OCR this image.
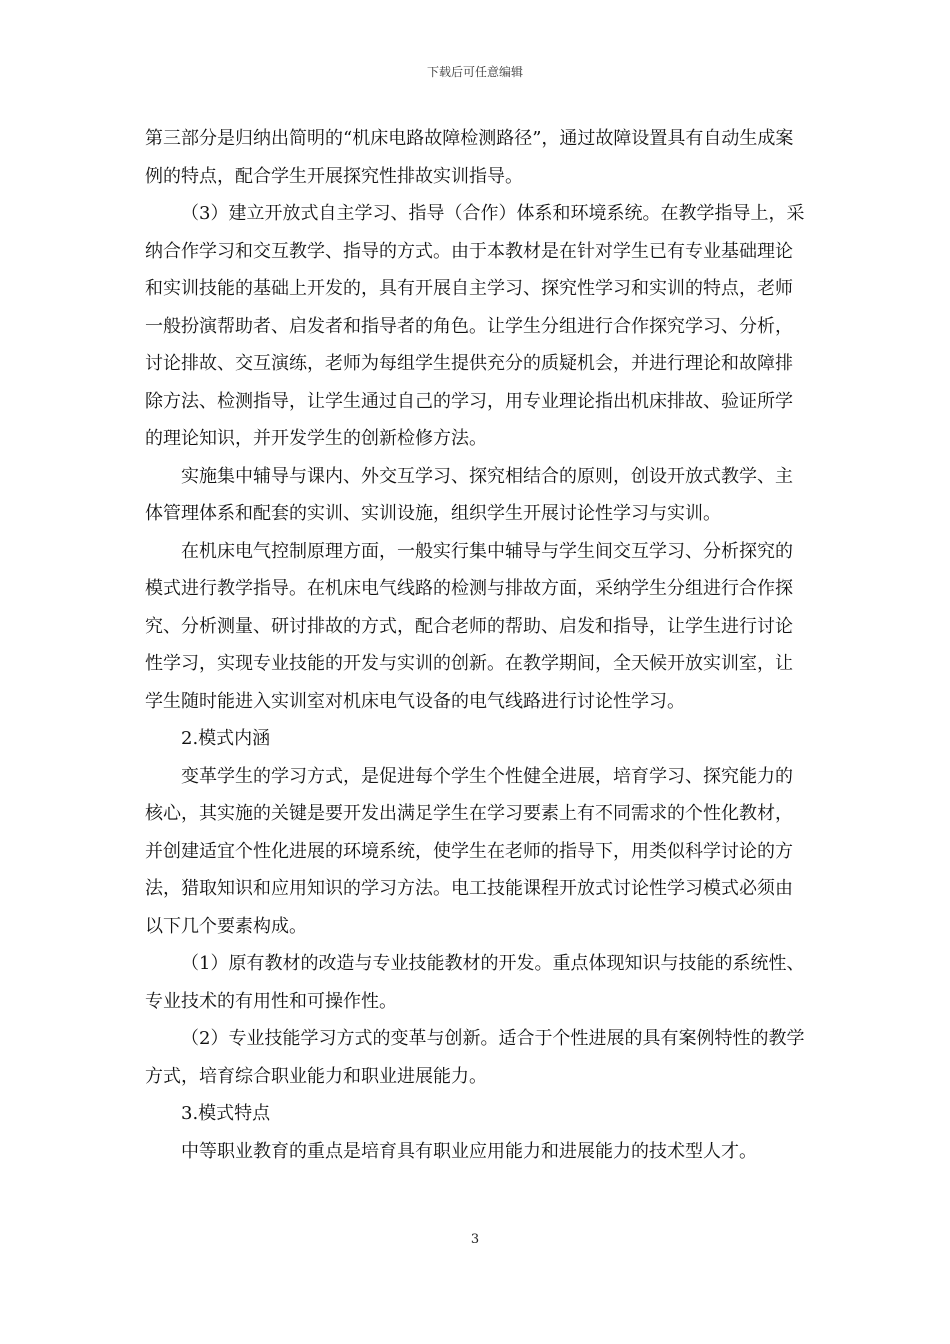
下载后可任意编辑

第三部分是归纳出简明的“机床电路故障检测路径”，通过故障设置具有自动生成案例的特点，配合学生开展探究性排故实训指导。

（3）建立开放式自主学习、指导（合作）体系和环境系统。在教学指导上，采纳合作学习和交互教学、指导的方式。由于本教材是在针对学生已有专业基础理论和实训技能的基础上开发的，具有开展自主学习、探究性学习和实训的特点，老师一般扮演帮助者、启发者和指导者的角色。让学生分组进行合作探究学习、分析，讨论排故、交互演练，老师为每组学生提供充分的质疑机会，并进行理论和故障排除方法、检测指导，让学生通过自己的学习，用专业理论指出机床排故、验证所学的理论知识，并开发学生的创新检修方法。

实施集中辅导与课内、外交互学习、探究相结合的原则，创设开放式教学、主体管理体系和配套的实训、实训设施，组织学生开展讨论性学习与实训。

在机床电气控制原理方面，一般实行集中辅导与学生间交互学习、分析探究的模式进行教学指导。在机床电气线路的检测与排故方面，采纳学生分组进行合作探究、分析测量、研讨排故的方式，配合老师的帮助、启发和指导，让学生进行讨论性学习，实现专业技能的开发与实训的创新。在教学期间，全天候开放实训室，让学生随时能进入实训室对机床电气设备的电气线路进行讨论性学习。

2.模式内涵

变革学生的学习方式，是促进每个学生个性健全进展，培育学习、探究能力的核心，其实施的关键是要开发出满足学生在学习要素上有不同需求的个性化教材，并创建适宜个性化进展的环境系统，使学生在老师的指导下，用类似科学讨论的方法，猎取知识和应用知识的学习方法。电工技能课程开放式讨论性学习模式必须由以下几个要素构成。

（1）原有教材的改造与专业技能教材的开发。重点体现知识与技能的系统性、专业技术的有用性和可操作性。

（2）专业技能学习方式的变革与创新。适合于个性进展的具有案例特性的教学方式，培育综合职业能力和职业进展能力。

3.模式特点

中等职业教育的重点是培育具有职业应用能力和进展能力的技术型人才。

3
